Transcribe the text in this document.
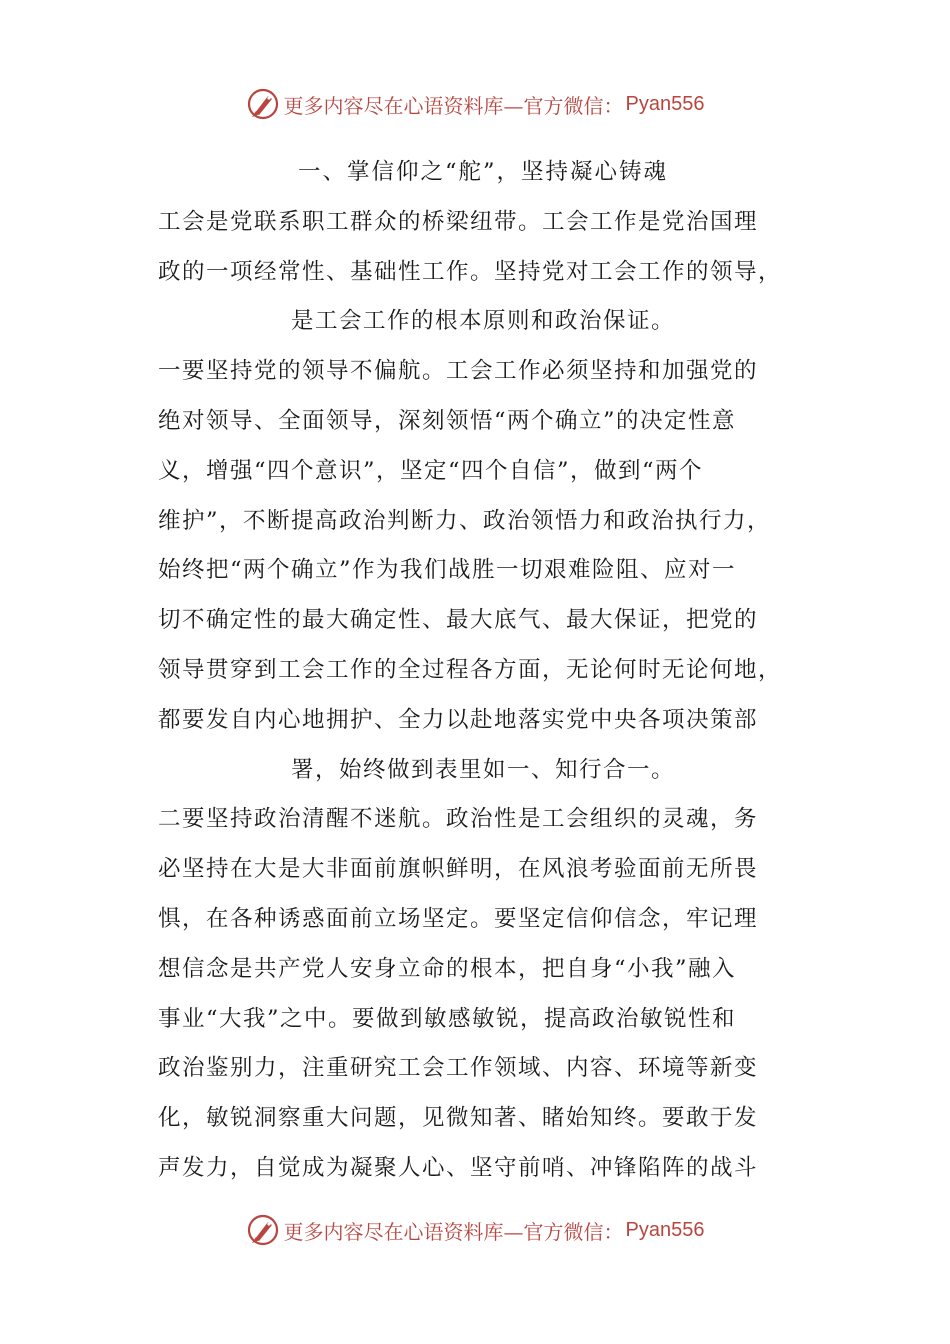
更多内容尽在心语资料库—官方微信： Pyan556
一、掌信仰之“舵”，坚持凝心铸魂
工会是党联系职工群众的桥梁纽带。工会工作是党治国理
政的一项经常性、基础性工作。坚持党对工会工作的领导，
是工会工作的根本原则和政治保证。
一要坚持党的领导不偏航。工会工作必须坚持和加强党的
绝对领导、全面领导，深刻领悟“两个确立”的决定性意
义，增强“四个意识”，坚定“四个自信”，做到“两个
维护”，不断提高政治判断力、政治领悟力和政治执行力，
始终把“两个确立”作为我们战胜一切艰难险阻、应对一
切不确定性的最大确定性、最大底气、最大保证，把党的
领导贯穿到工会工作的全过程各方面，无论何时无论何地，
都要发自内心地拥护、全力以赴地落实党中央各项决策部
署，始终做到表里如一、知行合一。
二要坚持政治清醒不迷航。政治性是工会组织的灵魂，务
必坚持在大是大非面前旗帜鲜明，在风浪考验面前无所畏
惧，在各种诱惑面前立场坚定。要坚定信仰信念，牢记理
想信念是共产党人安身立命的根本，把自身“小我”融入
事业“大我”之中。要做到敏感敏锐，提高政治敏锐性和
政治鉴别力，注重研究工会工作领域、内容、环境等新变
化，敏锐洞察重大问题，见微知著、睹始知终。要敢于发
声发力，自觉成为凝聚人心、坚守前哨、冲锋陷阵的战斗
更多内容尽在心语资料库—官方微信： Pyan556
